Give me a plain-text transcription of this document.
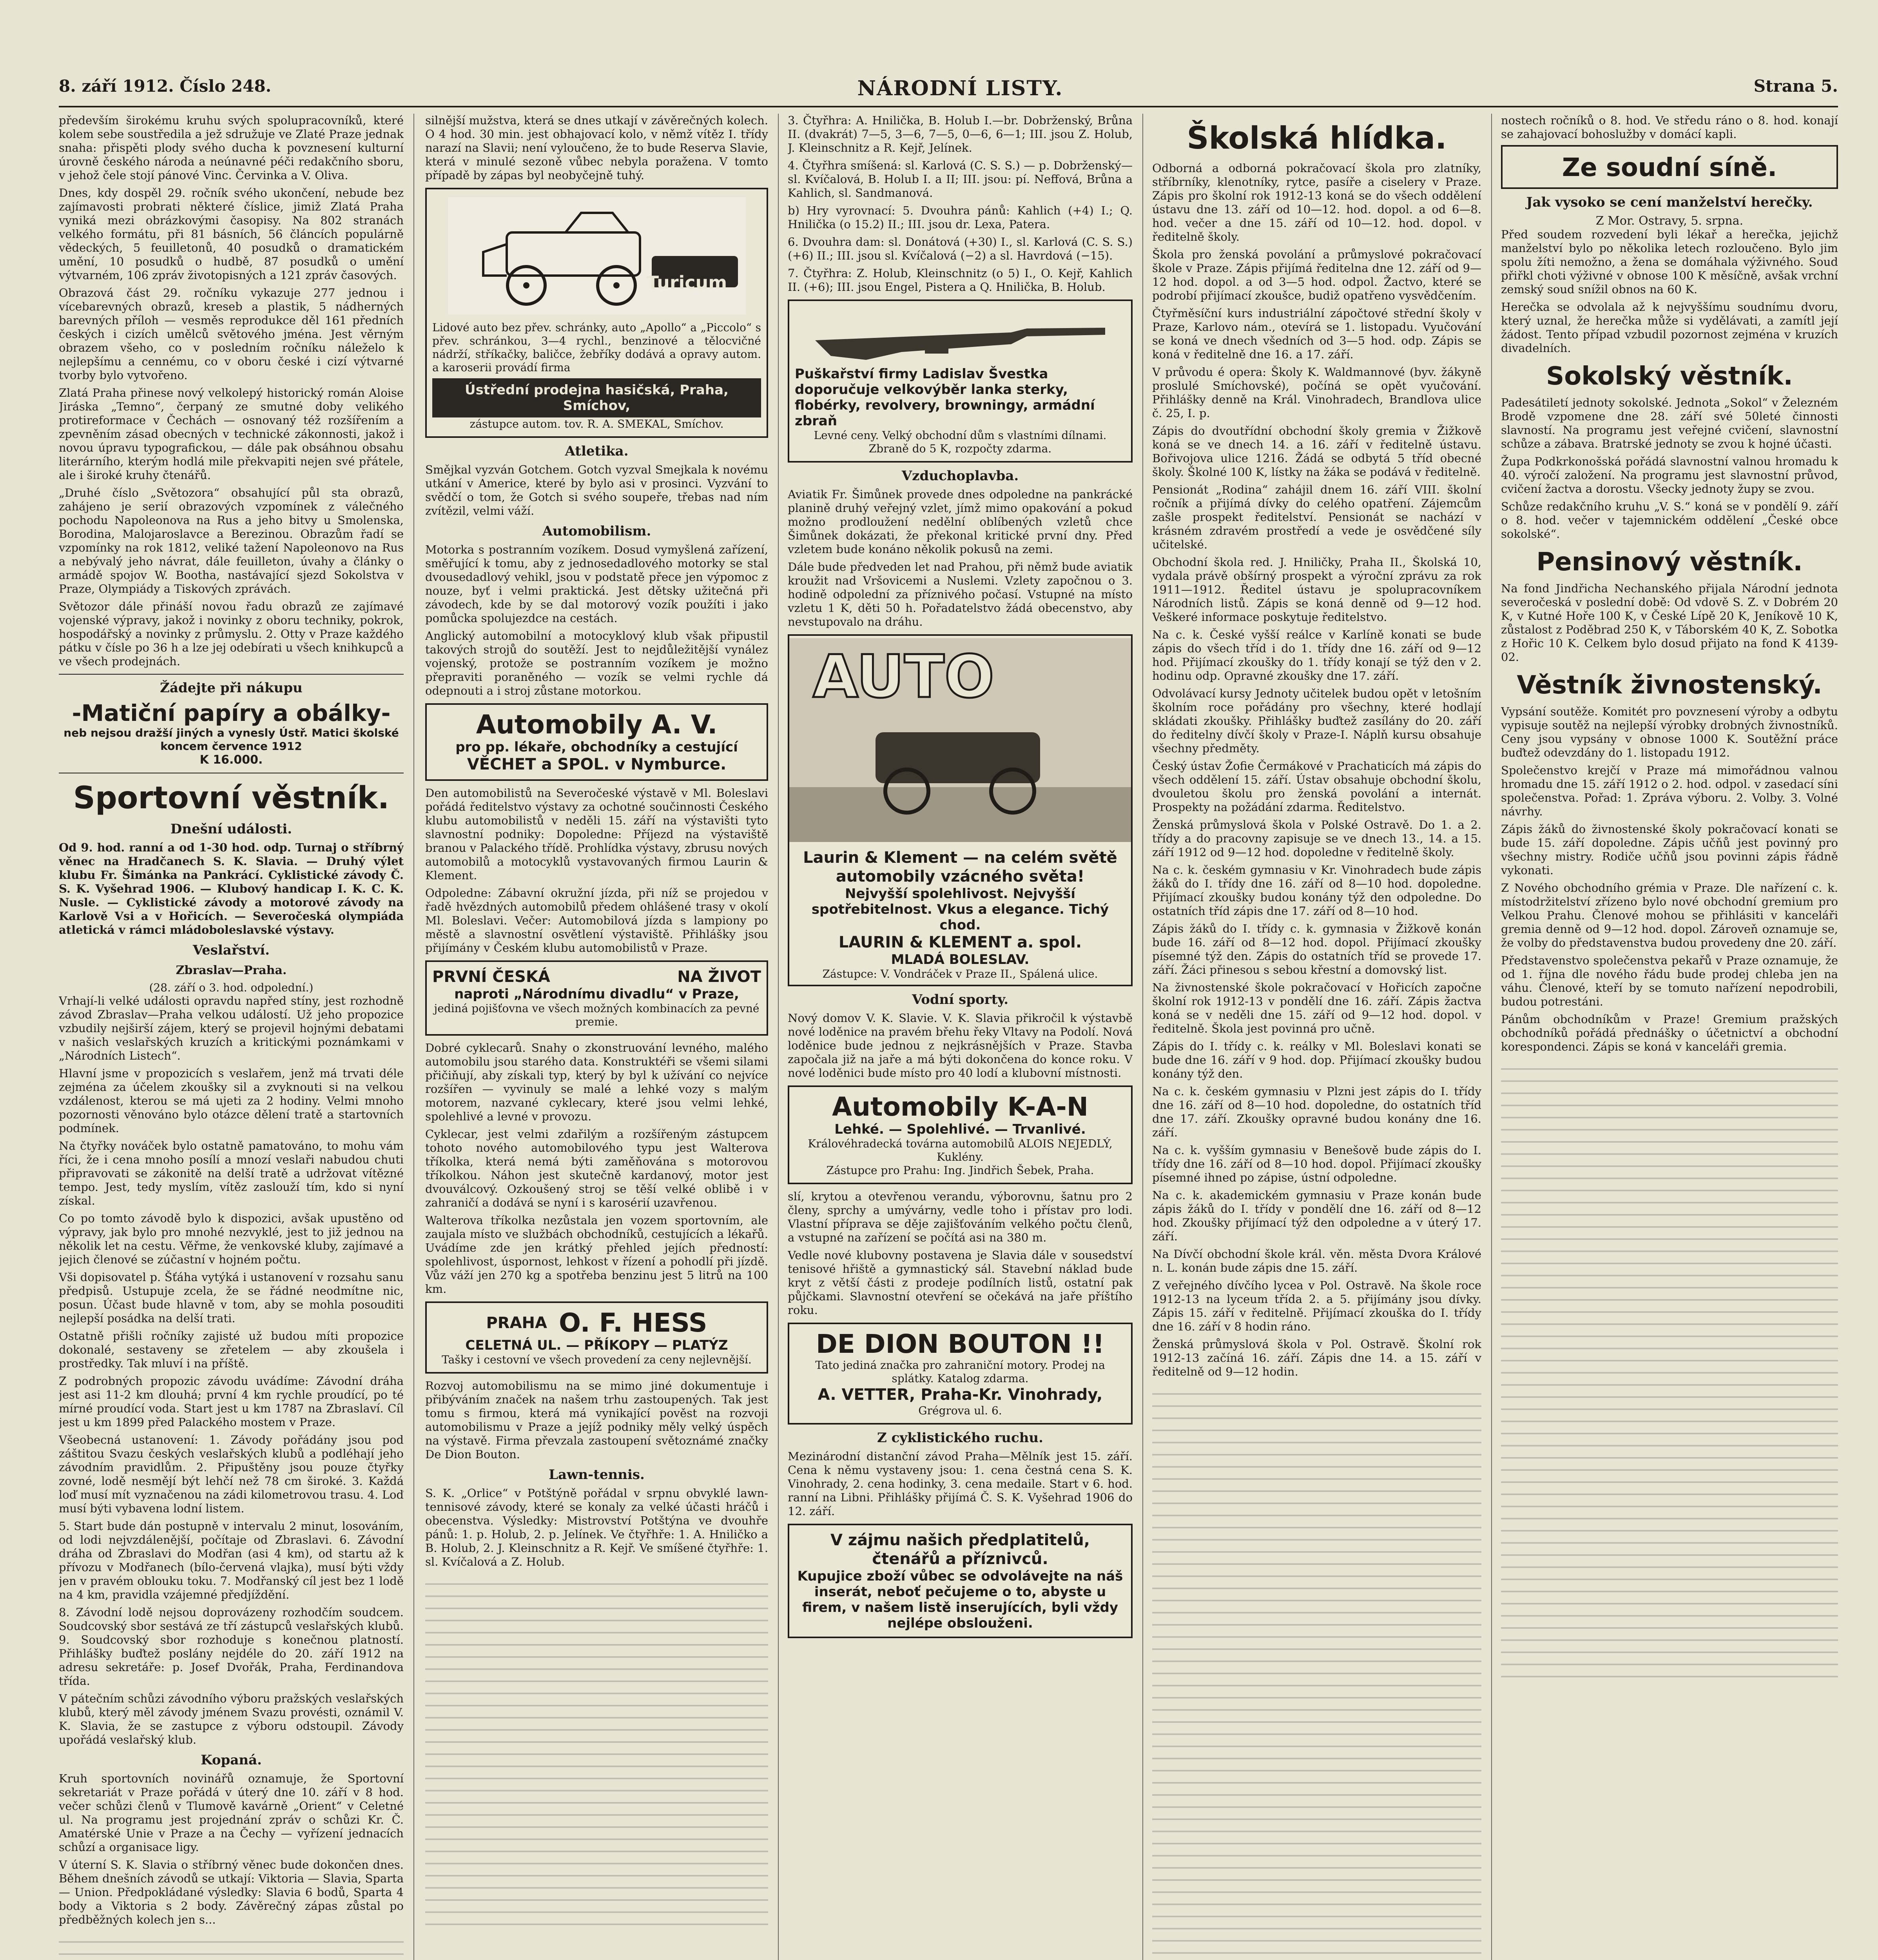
8. září 1912. Číslo 248.	NÁRODNÍ LISTY.	Strana 5.

především širokému kruhu svých spolupracovníků, které kolem sebe soustředila a jež sdružuje ve Zlaté Praze jednak snaha: přispěti plody svého ducha k povznesení kulturní úrovně českého národa a neúnavné péči redakčního sboru, v jehož čele stojí pánové Vinc. Červinka a V. Oliva.

Dnes, kdy dospěl 29. ročník svého ukončení, nebude bez zajímavosti probrati některé číslice, jimiž Zlatá Praha vyniká mezi obrázkovými časopisy. Na 802 stranách velkého formátu, při 81 básních, 56 článcích populárně vědeckých, 5 feuilletonů, 40 posudků o dramatickém umění, 10 posudků o hudbě, 87 posudků o umění výtvarném, 106 zpráv životopisných a 121 zpráv časových.

Obrazová část 29. ročníku vykazuje 277 jednou i vícebarevných obrazů, kreseb a plastik, 5 nádherných barevných příloh — vesměs reprodukce děl 161 předních českých i cizích umělců světového jména. Jest věrným obrazem všeho, co v posledním ročníku náleželo k nejlepšímu a cennému, co v oboru české i cizí výtvarné tvorby bylo vytvořeno.

Zlatá Praha přinese nový velkolepý historický román Aloise Jiráska „Temno“, čerpaný ze smutné doby velikého protireformace v Čechách — osnovaný též rozšířením a zpevněním zásad obecných v technické zákonnosti, jakož i novou úpravu typografickou, — dále pak obsáhnou obsahu literárního, kterým hodlá mile překvapiti nejen své přátele, ale i široké kruhy čtenářů.

„Druhé číslo „Světozora“ obsahující půl sta obrazů, zahájeno je serií obrazových vzpomínek z válečného pochodu Napoleonova na Rus a jeho bitvy u Smolenska, Borodina, Malojaroslavce a Berezinou. Obrazům řadí se vzpomínky na rok 1812, veliké tažení Napoleonovo na Rus a nebývalý jeho návrat, dále feuilleton, úvahy a články o armádě spojov W. Bootha, nastávající sjezd Sokolstva v Praze, Olympiády a Tiskových zprávách.

Světozor dále přináší novou řadu obrazů ze zajímavé vojenské výpravy, jakož i novinky z oboru techniky, pokrok, hospodářský a novinky z průmyslu. 2. Otty v Praze každého pátku v čísle po 36 h a lze jej odebírati u všech knihkupců a ve všech prodejnách.

Žádejte při nákupu
-Matiční papíry a obálky-
neb nejsou dražší jiných a vynesly Ústř. Matici školské koncem července 1912
K 16.000.
Sportovní věstník.
Dnešní události.

Od 9. hod. ranní a od 1-30 hod. odp. Turnaj o stříbrný věnec na Hradčanech S. K. Slavia. — Druhý výlet klubu Fr. Šimánka na Pankrácí. Cyklistické závody Č. S. K. Vyšehrad 1906. — Klubový handicap I. K. C. K. Nusle. — Cyklistické závody a motorové závody na Karlově Vsi a v Hořicích. — Severočeská olympiáda atletická v rámci mládoboleslavské výstavy.

Veslařství.
Zbraslav—Praha.
(28. září o 3. hod. odpolední.)

Vrhají-li velké události opravdu napřed stíny, jest rozhodně závod Zbraslav—Praha velkou událostí. Už jeho propozice vzbudily nejširší zájem, který se projevil hojnými debatami v našich veslařských kruzích a kritickými poznámkami v „Národních Listech“.

Hlavní jsme v propozicích s veslařem, jenž má trvati déle zejména za účelem zkoušky sil a zvyknouti si na velkou vzdálenost, kterou se má ujeti za 2 hodiny. Velmi mnoho pozornosti věnováno bylo otázce dělení tratě a startovních podmínek.

Na čtyřky nováček bylo ostatně pamatováno, to mohu vám říci, že i cena mnoho posílí a mnozí veslaři nabudou chuti připravovati se zákonitě na delší tratě a udržovat vítězné tempo. Jest, tedy myslím, vítěz zaslouží tím, kdo si nyní získal.

Co po tomto závodě bylo k dispozici, avšak upustěno od výpravy, jak bylo pro mnohé nezvyklé, jest to již jednou na několik let na cestu. Věřme, že venkovské kluby, zajímavé a jejich členové se zúčastní v hojném počtu.

Vši dopisovatel p. Šťáha vytýká i ustanovení v rozsahu sanu předpisů. Ustupuje zcela, že se řádné neodmítne nic, posun. Účast bude hlavně v tom, aby se mohla posouditi nejlepší posádka na delší trati.

Ostatně přišli ročníky zajisté už budou míti propozice dokonalé, sestaveny se zřetelem — aby zkoušela i prostředky. Tak mluví i na příště.

Z podrobných propozic závodu uvádíme: Závodní dráha jest asi 11-2 km dlouhá; první 4 km rychle proudící, po té mírné proudící voda. Start jest u km 1787 na Zbraslaví. Cíl jest u km 1899 před Palackého mostem v Praze.

Všeobecná ustanovení: 1. Závody pořádány jsou pod záštitou Svazu českých veslařských klubů a podléhají jeho závodním pravidlům. 2. Připuštěny jsou pouze čtyřky zovné, lodě nesmějí být lehčí než 78 cm široké. 3. Každá loď musí mít vyznačenou na zádi kilometrovou trasu. 4. Loď musí býti vybavena lodní listem.

5. Start bude dán postupně v intervalu 2 minut, losováním, od lodi nejvzdálenější, počítaje od Zbraslavi. 6. Závodní dráha od Zbraslavi do Modřan (asi 4 km), od startu až k přívozu v Modřanech (bílo-červená vlajka), musí býti vždy jen v pravém oblouku toku. 7. Modřanský cíl jest bez 1 lodě na 4 km, pravidla vzájemné předjíždění.

8. Závodní lodě nejsou doprovázeny rozhodčím soudcem. Soudcovský sbor sestává ze tří zástupců veslařských klubů. 9. Soudcovský sbor rozhoduje s konečnou platností. Přihlášky buďtež poslány nejdéle do 20. září 1912 na adresu sekretáře: p. Josef Dvořák, Praha, Ferdinandova třída.

V pátečním schůzi závodního výboru pražských veslařských klubů, který měl závody jménem Svazu provésti, oznámil V. K. Slavia, že se zastupce z výboru odstoupil. Závody upořádá veslařský klub.

Kopaná.

Kruh sportovních novinářů oznamuje, že Sportovní sekretariát v Praze pořádá v úterý dne 10. září v 8 hod. večer schůzi členů v Tlumově kavárně „Orient“ v Celetné ul. Na programu jest projednání zpráv o schůzi Kr. Č. Amatérské Unie v Praze a na Čechy — vyřízení jednacích schůzí a organisace ligy.

V úterní S. K. Slavia o stříbrný věnec bude dokončen dnes. Během dnešních závodů se utkají: Viktoria — Slavia, Sparta — Union. Předpokládané výsledky: Slavia 6 bodů, Sparta 4 body a Viktoria s 2 body. Závěrečný zápas zůstal po předběžných kolech jen s...

silnější mužstva, která se dnes utkají v závěrečných kolech. O 4 hod. 30 min. jest obhajovací kolo, v němž vítěz I. třídy narazí na Slavii; není vyloučeno, že to bude Reserva Slavie, která v minulé sezoně vůbec nebyla poražena. V tomto případě by zápas byl neobyčejně tuhý.

Lidové auto bez přev. schránky, auto „Apollo“ a „Piccolo“ s přev. schránkou, 3—4 rychl., benzinové a tělocvičné nádrží, stříkačky, baličce, žebříky dodává a opravy autom. a karoserii provádí firma

Ústřední prodejna hasičská, Praha, Smíchov,
zástupce autom. tov. R. A. SMEKAL, Smíchov.
Atletika.

Smějkal vyzván Gotchem. Gotch vyzval Smejkala k novému utkání v Americe, které by bylo asi v prosinci. Vyzvání to svědčí o tom, že Gotch si svého soupeře, třebas nad ním zvítězil, velmi váží.

Automobilism.

Motorka s postranním vozíkem. Dosud vymyšlená zařízení, směřující k tomu, aby z jednosedadlového motorky se stal dvousedadlový vehikl, jsou v podstatě přece jen výpomoc z nouze, byť i velmi praktická. Jest dětsky užitečná při závodech, kde by se dal motorový vozík použíti i jako pomůcka spolujezdce na cestách.

Anglický automobilní a motocyklový klub však připustil takových strojů do soutěží. Jest to nejdůležitější vynález vojenský, protože se postranním vozíkem je možno přepraviti poraněného — vozík se velmi rychle dá odepnouti a i stroj zůstane motorkou.

Automobily A. V.
pro pp. lékaře, obchodníky a cestující
VĚCHET a SPOL. v Nymburce.

Den automobilistů na Severočeské výstavě v Ml. Boleslavi pořádá ředitelstvo výstavy za ochotné součinnosti Českého klubu automobilistů v neděli 15. září na výstavišti tyto slavnostní podniky: Dopoledne: Příjezd na výstaviště branou v Palackého třídě. Prohlídka výstavy, zbrusu nových automobilů a motocyklů vystavovaných firmou Laurin & Klement.

Odpoledne: Zábavní okružní jízda, při níž se projedou v řadě hvězdných automobilů předem ohlášené trasy v okolí Ml. Boleslavi. Večer: Automobilová jízda s lampiony po městě a slavnostní osvětlení výstaviště. Přihlášky jsou přijímány v Českém klubu automobilistů v Praze.

PRVNÍ ČESKÁ	NA ŽIVOT
naproti „Národnímu divadlu“ v Praze,
jediná pojišťovna ve všech možných kombinacích za pevné premie.

Dobré cyklecarů. Snahy o zkonstruování levného, malého automobilu jsou starého data. Konstruktéři se všemi silami přičiňují, aby získali typ, který by byl k užívání co nejvíce rozšířen — vyvinuly se malé a lehké vozy s malým motorem, nazvané cyklecary, které jsou velmi lehké, spolehlivé a levné v provozu.

Cyklecar, jest velmi zdařilým a rozšířeným zástupcem tohoto nového automobilového typu jest Walterova tříkolka, která nemá býti zaměňována s motorovou tříkolkou. Náhon jest skutečně kardanový, motor jest dvouválcový. Ozkoušený stroj se těší velké oblibě i v zahraničí a dodává se nyní i s karosérií uzavřenou.

Walterova tříkolka nezůstala jen vozem sportovním, ale zaujala místo ve službách obchodníků, cestujících a lékařů. Uvádíme zde jen krátký přehled jejích předností: spolehlivost, úspornost, lehkost v řízení a pohodlí při jízdě. Vůz váží jen 270 kg a spotřeba benzinu jest 5 litrů na 100 km.

PRAHA O. F. HESS
CELETNÁ UL. — PŘÍKOPY — PLATÝZ
Tašky i cestovní ve všech provedení za ceny nejlevnější.

Rozvoj automobilismu na se mimo jiné dokumentuje i přibýváním značek na našem trhu zastoupených. Tak jest tomu s firmou, která má vynikající pověst na rozvoji automobilismu v Praze a jejíž podniky měly velký úspěch na výstavě. Firma převzala zastoupení světoznámé značky De Dion Bouton.

Lawn-tennis.

S. K. „Orlice“ v Potštýně pořádal v srpnu obvyklé lawn-tennisové závody, které se konaly za velké účasti hráčů i obecenstva. Výsledky: Mistrovství Potštýna ve dvouhře pánů: 1. p. Holub, 2. p. Jelínek. Ve čtyřhře: 1. A. Hniličko a B. Holub, 2. J. Kleinschnitz a R. Kejř. Ve smíšené čtyřhře: 1. sl. Kvíčalová a Z. Holub.

3. Čtyřhra: A. Hnilička, B. Holub I.—br. Dobrženský, Brůna II. (dvakrát) 7—5, 3—6, 7—5, 0—6, 6—1; III. jsou Z. Holub, J. Kleinschnitz a R. Kejř, Jelínek.

4. Čtyřhra smíšená: sl. Karlová (C. S. S.) — p. Dobrženský—sl. Kvíčalová, B. Holub I. a II; III. jsou: pí. Neffová, Brůna a Kahlich, sl. Sandmanová.

b) Hry vyrovnací: 5. Dvouhra pánů: Kahlich (+4) I.; Q. Hnilička (o 15.2) II.; III. jsou dr. Lexa, Patera.

6. Dvouhra dam: sl. Donátová (+30) I., sl. Karlová (C. S. S.) (+6) II.; III. jsou sl. Kvíčalová (−2) a sl. Havrdová (−15).

7. Čtyřhra: Z. Holub, Kleinschnitz (o 5) I., O. Kejř, Kahlich II. (+6); III. jsou Engel, Pistera a Q. Hnilička, B. Holub.

Puškařství firmy Ladislav Švestka doporučuje velkovýběr lanka sterky, flobérky, revolvery, browningy, armádní zbraň
Levné ceny. Velký obchodní dům s vlastními dílnami. Zbraně do 5 K, rozpočty zdarma.
Vzduchoplavba.

Aviatik Fr. Šimůnek provede dnes odpoledne na pankrácké planině druhý veřejný vzlet, jímž mimo opakování a pokud možno prodloužení nedělní oblíbených vzletů chce Šimůnek dokázati, že překonal kritické první dny. Před vzletem bude konáno několik pokusů na zemi.

Dále bude předveden let nad Prahou, při němž bude aviatik kroužit nad Vršovicemi a Nuslemi. Vzlety započnou o 3. hodině odpolední za příznivého počasí. Vstupné na místo vzletu 1 K, děti 50 h. Pořadatelstvo žádá obecenstvo, aby nevstupovalo na dráhu.

AUTO
Laurin & Klement — na celém světě automobily vzácného světa!
Nejvyšší spolehlivost. Nejvyšší spotřebitelnost. Vkus a elegance. Tichý chod.
LAURIN & KLEMENT a. spol.
MLADÁ BOLESLAV.
Zástupce: V. Vondráček v Praze II., Spálená ulice.
Vodní sporty.

Nový domov V. K. Slavie. V. K. Slavia přikročil k výstavbě nové loděnice na pravém břehu řeky Vltavy na Podolí. Nová loděnice bude jednou z nejkrásnějších v Praze. Stavba započala již na jaře a má býti dokončena do konce roku. V nové loděnici bude místo pro 40 lodí a klubovní místnosti.

Automobily K-A-N
Lehké. — Spolehlivé. — Trvanlivé.
Královéhradecká továrna automobilů ALOIS NEJEDLÝ, Kuklény.
Zástupce pro Prahu: Ing. Jindřich Šebek, Praha.

slí, krytou a otevřenou verandu, výborovnu, šatnu pro 2 členy, sprchy a umývárny, vedle toho i přístav pro lodi. Vlastní příprava se děje zajišťováním velkého počtu členů, a vstupné na zařízení se počítá asi na 380 m.

Vedle nové klubovny postavena je Slavia dále v sousedství tenisové hřiště a gymnastický sál. Stavební náklad bude kryt z větší části z prodeje podílních listů, ostatní pak půjčkami. Slavnostní otevření se očekává na jaře příštího roku.

DE DION BOUTON !!
Tato jediná značka pro zahraniční motory. Prodej na splátky. Katalog zdarma.
A. VETTER, Praha-Kr. Vinohrady,
Grégrova ul. 6.
Z cyklistického ruchu.

Mezinárodní distanční závod Praha—Mělník jest 15. září. Cena k němu vystaveny jsou: 1. cena čestná cena S. K. Vinohrady, 2. cena hodinky, 3. cena medaile. Start v 6. hod. ranní na Libni. Přihlášky přijímá Č. S. K. Vyšehrad 1906 do 12. září.

V zájmu našich předplatitelů, čtenářů a příznivců.
Kupujice zboží vůbec se odvolávejte na náš inserát, neboť pečujeme o to, abyste u firem, v našem listě inserujících, byli vždy nejlépe obslouženi.
Školská hlídka.

Odborná a odborná pokračovací škola pro zlatníky, stříbrníky, klenotníky, rytce, pasíře a ciselery v Praze. Zápis pro školní rok 1912-13 koná se do všech oddělení ústavu dne 13. září od 10—12. hod. dopol. a od 6—8. hod. večer a dne 15. září od 10—12. hod. dopol. v ředitelně školy.

Škola pro ženská povolání a průmyslové pokračovací škole v Praze. Zápis přijímá ředitelna dne 12. září od 9—12 hod. dopol. a od 3—5 hod. odpol. Žactvo, které se podrobí přijímací zkoušce, budiž opatřeno vysvědčením.

Čtyřměsíční kurs industriální zápočtové střední školy v Praze, Karlovo nám., otevírá se 1. listopadu. Vyučování se koná ve dnech všedních od 3—5 hod. odp. Zápis se koná v ředitelně dne 16. a 17. září.

V průvodu é opera: Školy K. Waldmannové (byv. žákyně proslulé Smíchovské), počíná se opět vyučování. Přihlášky denně na Král. Vinohradech, Brandlova ulice č. 25, I. p.

Zápis do dvoutřídní obchodní školy gremia v Žižkově koná se ve dnech 14. a 16. září v ředitelně ústavu. Bořivojova ulice 1216. Žádá se odbytá 5 tříd obecné školy. Školné 100 K, lístky na žáka se podává v ředitelně.

Pensionát „Rodina“ zahájil dnem 16. září VIII. školní ročník a přijímá dívky do celého opatření. Zájemcům zašle prospekt ředitelství. Pensionát se nachází v krásném zdravém prostředí a vede je osvědčené síly učitelské.

Obchodní škola red. J. Hniličky, Praha II., Školská 10, vydala právě obšírný prospekt a výroční zprávu za rok 1911—1912. Ředitel ústavu je spolupracovníkem Národních listů. Zápis se koná denně od 9—12 hod. Veškeré informace poskytuje ředitelstvo.

Na c. k. České vyšší reálce v Karlíně konati se bude zápis do všech tříd i do 1. třídy dne 16. září od 9—12 hod. Přijímací zkoušky do 1. třídy konají se týž den v 2. hodinu odp. Opravné zkoušky dne 17. září.

Odvolávací kursy Jednoty učitelek budou opět v letošním školním roce pořádány pro všechny, které hodlají skládati zkoušky. Přihlášky buďtež zasílány do 20. září do ředitelny dívčí školy v Praze-I. Náplň kursu obsahuje všechny předměty.

Český ústav Žofie Čermákové v Prachaticích má zápis do všech oddělení 15. září. Ústav obsahuje obchodní školu, dvouletou školu pro ženská povolání a internát. Prospekty na požádání zdarma. Ředitelstvo.

Ženská průmyslová škola v Polské Ostravě. Do 1. a 2. třídy a do pracovny zapisuje se ve dnech 13., 14. a 15. září 1912 od 9—12 hod. dopoledne v ředitelně školy.

Na c. k. českém gymnasiu v Kr. Vinohradech bude zápis žáků do I. třídy dne 16. září od 8—10 hod. dopoledne. Přijímací zkoušky budou konány týž den odpoledne. Do ostatních tříd zápis dne 17. září od 8—10 hod.

Zápis žáků do I. třídy c. k. gymnasia v Žižkově konán bude 16. září od 8—12 hod. dopol. Přijímací zkoušky písemné týž den. Zápis do ostatních tříd se provede 17. září. Žáci přinesou s sebou křestní a domovský list.

Na živnostenské škole pokračovací v Hořicích započne školní rok 1912-13 v pondělí dne 16. září. Zápis žactva koná se v neděli dne 15. září od 9—12 hod. dopol. v ředitelně. Škola jest povinná pro učně.

Zápis do I. třídy c. k. reálky v Ml. Boleslavi konati se bude dne 16. září v 9 hod. dop. Přijímací zkoušky budou konány týž den.

Na c. k. českém gymnasiu v Plzni jest zápis do I. třídy dne 16. září od 8—10 hod. dopoledne, do ostatních tříd dne 17. září. Zkoušky opravné budou konány dne 16. září.

Na c. k. vyšším gymnasiu v Benešově bude zápis do I. třídy dne 16. září od 8—10 hod. dopol. Přijímací zkoušky písemné ihned po zápise, ústní odpoledne.

Na c. k. akademickém gymnasiu v Praze konán bude zápis žáků do I. třídy v pondělí dne 16. září od 8—12 hod. Zkoušky přijímací týž den odpoledne a v úterý 17. září.

Na Dívčí obchodní škole král. věn. města Dvora Králové n. L. konán bude zápis dne 15. září.

Z veřejného dívčího lycea v Pol. Ostravě. Na škole roce 1912-13 na lyceum třída 2. a 5. přijímány jsou dívky. Zápis 15. září v ředitelně. Přijímací zkouška do I. třídy dne 16. září v 8 hodin ráno.

Ženská průmyslová škola v Pol. Ostravě. Školní rok 1912-13 začíná 16. září. Zápis dne 14. a 15. září v ředitelně od 9—12 hodin.

nostech ročníků o 8. hod. Ve středu ráno o 8. hod. konají se zahajovací bohoslužby v domácí kapli.

Ze soudní síně.
Jak vysoko se cení manželství herečky.
Z Mor. Ostravy, 5. srpna.

Před soudem rozvedení byli lékař a herečka, jejichž manželství bylo po několika letech rozloučeno. Bylo jim spolu žíti nemožno, a žena se domáhala výživného. Soud přiřkl choti výživné v obnose 100 K měsíčně, avšak vrchní zemský soud snížil obnos na 60 K.

Herečka se odvolala až k nejvyššímu soudnímu dvoru, který uznal, že herečka může si vydělávati, a zamítl její žádost. Tento případ vzbudil pozornost zejména v kruzích divadelních.

Sokolský věstník.

Padesátiletí jednoty sokolské. Jednota „Sokol“ v Železném Brodě vzpomene dne 28. září své 50leté činnosti slavností. Na programu jest veřejné cvičení, slavnostní schůze a zábava. Bratrské jednoty se zvou k hojné účasti.

Župa Podkrkonošská pořádá slavnostní valnou hromadu k 40. výročí založení. Na programu jest slavnostní průvod, cvičení žactva a dorostu. Všecky jednoty župy se zvou.

Schůze redakčního kruhu „V. S.“ koná se v pondělí 9. září o 8. hod. večer v tajemnickém oddělení „České obce sokolské“.

Pensinový věstník.

Na fond Jindřicha Nechanského přijala Národní jednota severočeská v poslední době: Od vdově S. Z. v Dobrém 20 K, v Kutné Hoře 100 K, v České Lípě 20 K, Jeníkově 10 K, zůstalost z Poděbrad 250 K, v Táborském 40 K, Z. Sobotka z Hořic 10 K. Celkem bylo dosud přijato na fond K 4139-02.

Věstník živnostenský.

Vypsání soutěže. Komitét pro povznesení výroby a odbytu vypisuje soutěž na nejlepší výrobky drobných živnostníků. Ceny jsou vypsány v obnose 1000 K. Soutěžní práce buďtež odevzdány do 1. listopadu 1912.

Společenstvo krejčí v Praze má mimořádnou valnou hromadu dne 15. září 1912 o 2. hod. odpol. v zasedací síni společenstva. Pořad: 1. Zpráva výboru. 2. Volby. 3. Volné návrhy.

Zápis žáků do živnostenské školy pokračovací konati se bude 15. září dopoledne. Zápis učňů jest povinný pro všechny mistry. Rodiče učňů jsou povinni zápis řádně vykonati.

Z Nového obchodního grémia v Praze. Dle nařízení c. k. místodržitelství zřízeno bylo nové obchodní gremium pro Velkou Prahu. Členové mohou se přihlásiti v kanceláři gremia denně od 9—12 hod. dopol. Zároveň oznamuje se, že volby do představenstva budou provedeny dne 20. září.

Představenstvo společenstva pekařů v Praze oznamuje, že od 1. října dle nového řádu bude prodej chleba jen na váhu. Členové, kteří by se tomuto nařízení nepodrobili, budou potrestáni.

Pánům obchodníkům v Praze! Gremium pražských obchodníků pořádá přednášky o účetnictví a obchodní korespondenci. Zápis se koná v kanceláři gremia.
